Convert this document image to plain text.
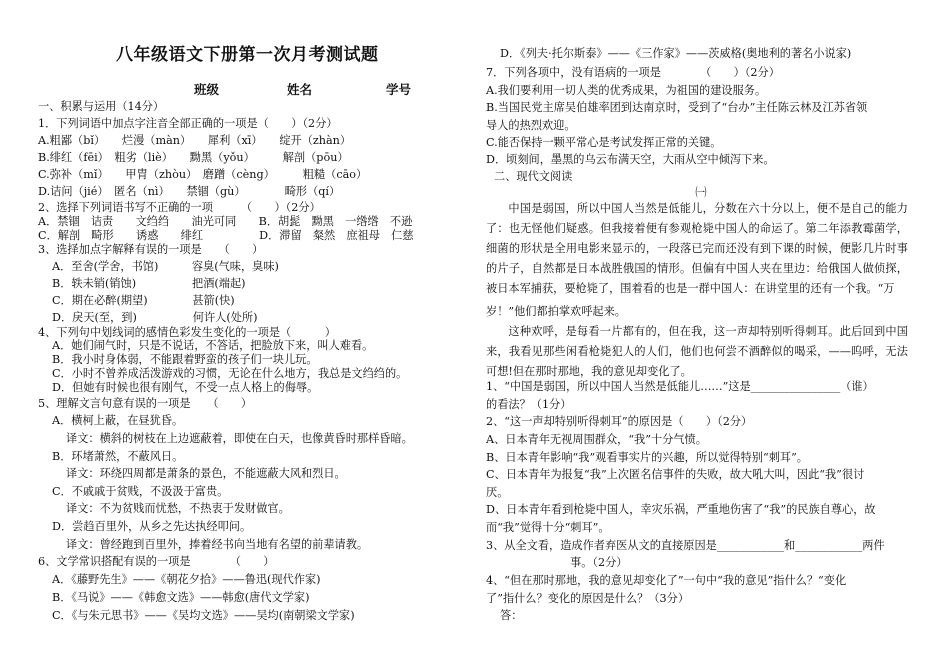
八年级语文下册第一次月考测试题
班级	姓名	学号
一、积累与运用（14分）
1．下列词语中加点字注音全部正确的一项是（　　）（2分）
A.粗鄙（bǐ）　　烂漫（màn）　　犀利（xī）　　绽开（zhàn）
B.绯红（fēi）　粗劣（liè）　　黝黑（yǒu）　　　解剖（pōu）
C.弥补（mǐ）　　甲胄（zhòu）　磨蹭（cèng）　　　粗糙（cāo）
D.诘问（jié）　匿名（nì）　　禁锢（gù）　　　　畸形（qí）
2、选择下列词语书写不正确的一项　　　（　　）（2分）
A．禁锢　诘责　　文绉绉　　油光可同　　B．胡髭　黝黑　一绺绺　不逊
C．解剖　畸形　　诱惑　　绯红　　　　　D．滞留　粲然　庶祖母　仁慈
3、选择加点字解释有误的一项是　　（　　）
A．至舍(学舍，书馆)　　　容臭(气味，臭味)
B．轶未销(销蚀)　　　　　把酒(端起)
C．期在必醉(期望)　　　　甚箭(快)
D．戾天(至，到)　　　　　何许人(处所)
4、下列句中划线词的感情色彩发生变化的一项是（　　　）
A．她们闹气时，只是不说话，不答话，把脸放下来，叫人难看。
B．我小时身体弱，不能跟着野蛮的孩子们一块儿玩。
C．小时不曾养成活泼游戏的习惯，无论在什么地方，我总是文绉绉的。
D．但她有时候也很有刚气，不受一点人格上的侮辱。
5、理解文言句意有误的一项是　　（　　）
A．横柯上蔽，在昼犹昏。
译文：横斜的树枝在上边遮蔽着，即使在白天，也像黄昏时那样昏暗。
B．环堵萧然，不蔽风日。
译文：环绕四周都是萧条的景色，不能遮蔽大风和烈日。
C．不戚戚于贫贱，不汲汲于富贵。
译文：不为贫贱而忧愁，不热衷于发财做官。
D．尝趋百里外，从乡之先达执经叩问。
译文：曾经跑到百里外，捧着经书向当地有名望的前辈请教。
6、文学常识搭配有误的一项是　　　　（　　）
A．《藤野先生》——《朝花夕拾》——鲁迅(现代作家)
B．《马说》——《韩愈文选》——韩愈(唐代文学家)
C．《与朱元思书》——《吴均文选》——吴均(南朝梁文学家)
D．《列夫·托尔斯泰》——《三作家》——茨威格(奥地利的著名小说家)
7．下列各项中，没有语病的一项是　　　　（　　）（2分）
A.我们要利用一切人类的优秀成果，为祖国的建设服务。
B.当国民党主席吴伯雄率团到达南京时，受到了“台办”主任陈云林及江苏省领
导人的热烈欢迎。
C.能否保持一颗平常心是考试发挥正常的关键。
D．顷刻间，墨黑的乌云布满天空，大雨从空中倾泻下来。
二、现代文阅读
㈠
中国是弱国，所以中国人当然是低能儿，分数在六十分以上，便不是自己的能力了：也无怪他们疑惑。但我接着便有参观枪毙中国人的命运了。第二年添教霉菌学，细菌的形状是全用电影来显示的，一段落已完而还没有到下课的时候，便影几片时事的片子，自然都是日本战胜俄国的情形。但偏有中国人夹在里边：给俄国人做侦探，被日本军捕获，要枪毙了，围着看的也是一群中国人：在讲堂里的还有一个我。“万
岁！”他们都拍掌欢呼起来。
这种欢呼，是每看一片都有的，但在我，这一声却特别听得刺耳。此后回到中国来，我看见那些闲看枪毙犯人的人们，他们也何尝不酒醉似的喝采，——呜呼，无法可想!但在那时那地，我的意见却变化了。
1、“中国是弱国，所以中国人当然是低能儿……”这是________________（谁）
的看法？（1分）
2、“这一声却特别听得刺耳”的原因是（　　）（2分）
A、日本青年无视周围群众，“我”十分气愤。
B、日本青年影响“我”观看事实片的兴趣，所以觉得特别“刺耳”。
C、日本青年为报复“我”上次匿名信事件的失败，故大吼大叫，因此“我”很讨
厌。
D、日本青年看到枪毙中国人，幸灾乐祸，严重地伤害了“我”的民族自尊心，故
而“我”觉得十分“刺耳”。
3、从全文看，造成作者弃医从文的直接原因是____________和____________两件
事。（2分）
4、“但在那时那地，我的意见却变化了”一句中“我的意见”指什么？“变化
了”指什么？变化的原因是什么？（3分）
答：
